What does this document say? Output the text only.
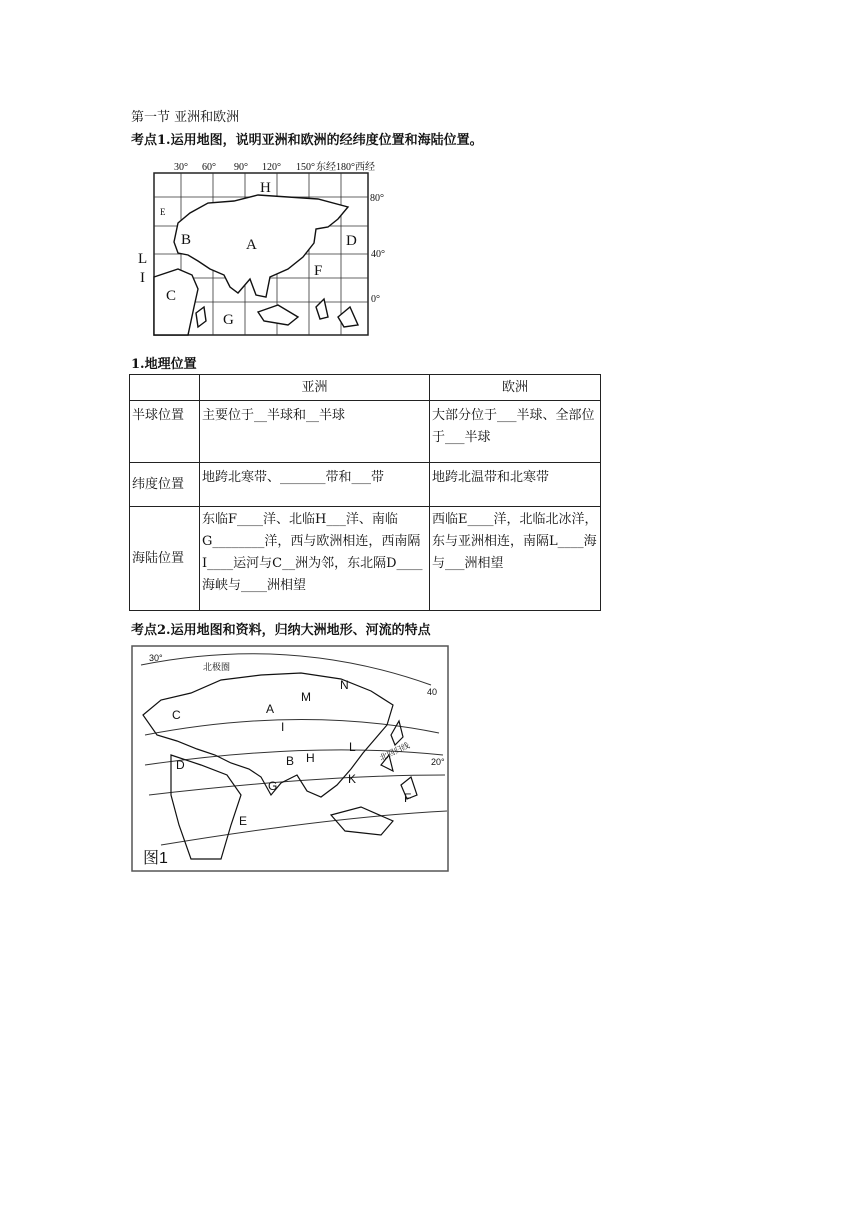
第一节 亚洲和欧洲
考点1.运用地图，说明亚洲和欧洲的经纬度位置和海陆位置。
30° 60° 90° 120° 150° 东经180°西经
80°
40°
0°
H
E
B	A	D
L
I	F
C
G
1.地理位置
	亚洲	欧洲
半球位置	主要位于__半球和__半球	大部分位于___半球、全部位于___半球
纬度位置	地跨北寒带、_______带和___带	地跨北温带和北寒带
海陆位置	东临F____洋、北临H___洋、南临G________洋，西与欧洲相连，西南隔I____运河与C__洲为邻，东北隔D____海峡与____洲相望	西临E____洋，北临北冰洋，东与亚洲相连，南隔L____海与___洲相望
考点2.运用地图和资料，归纳大洲地形、河流的特点
北极圈
30°
40
20°
北回归线
M
N
A
I
C
L
B H
D
K
G
F
E
图1
